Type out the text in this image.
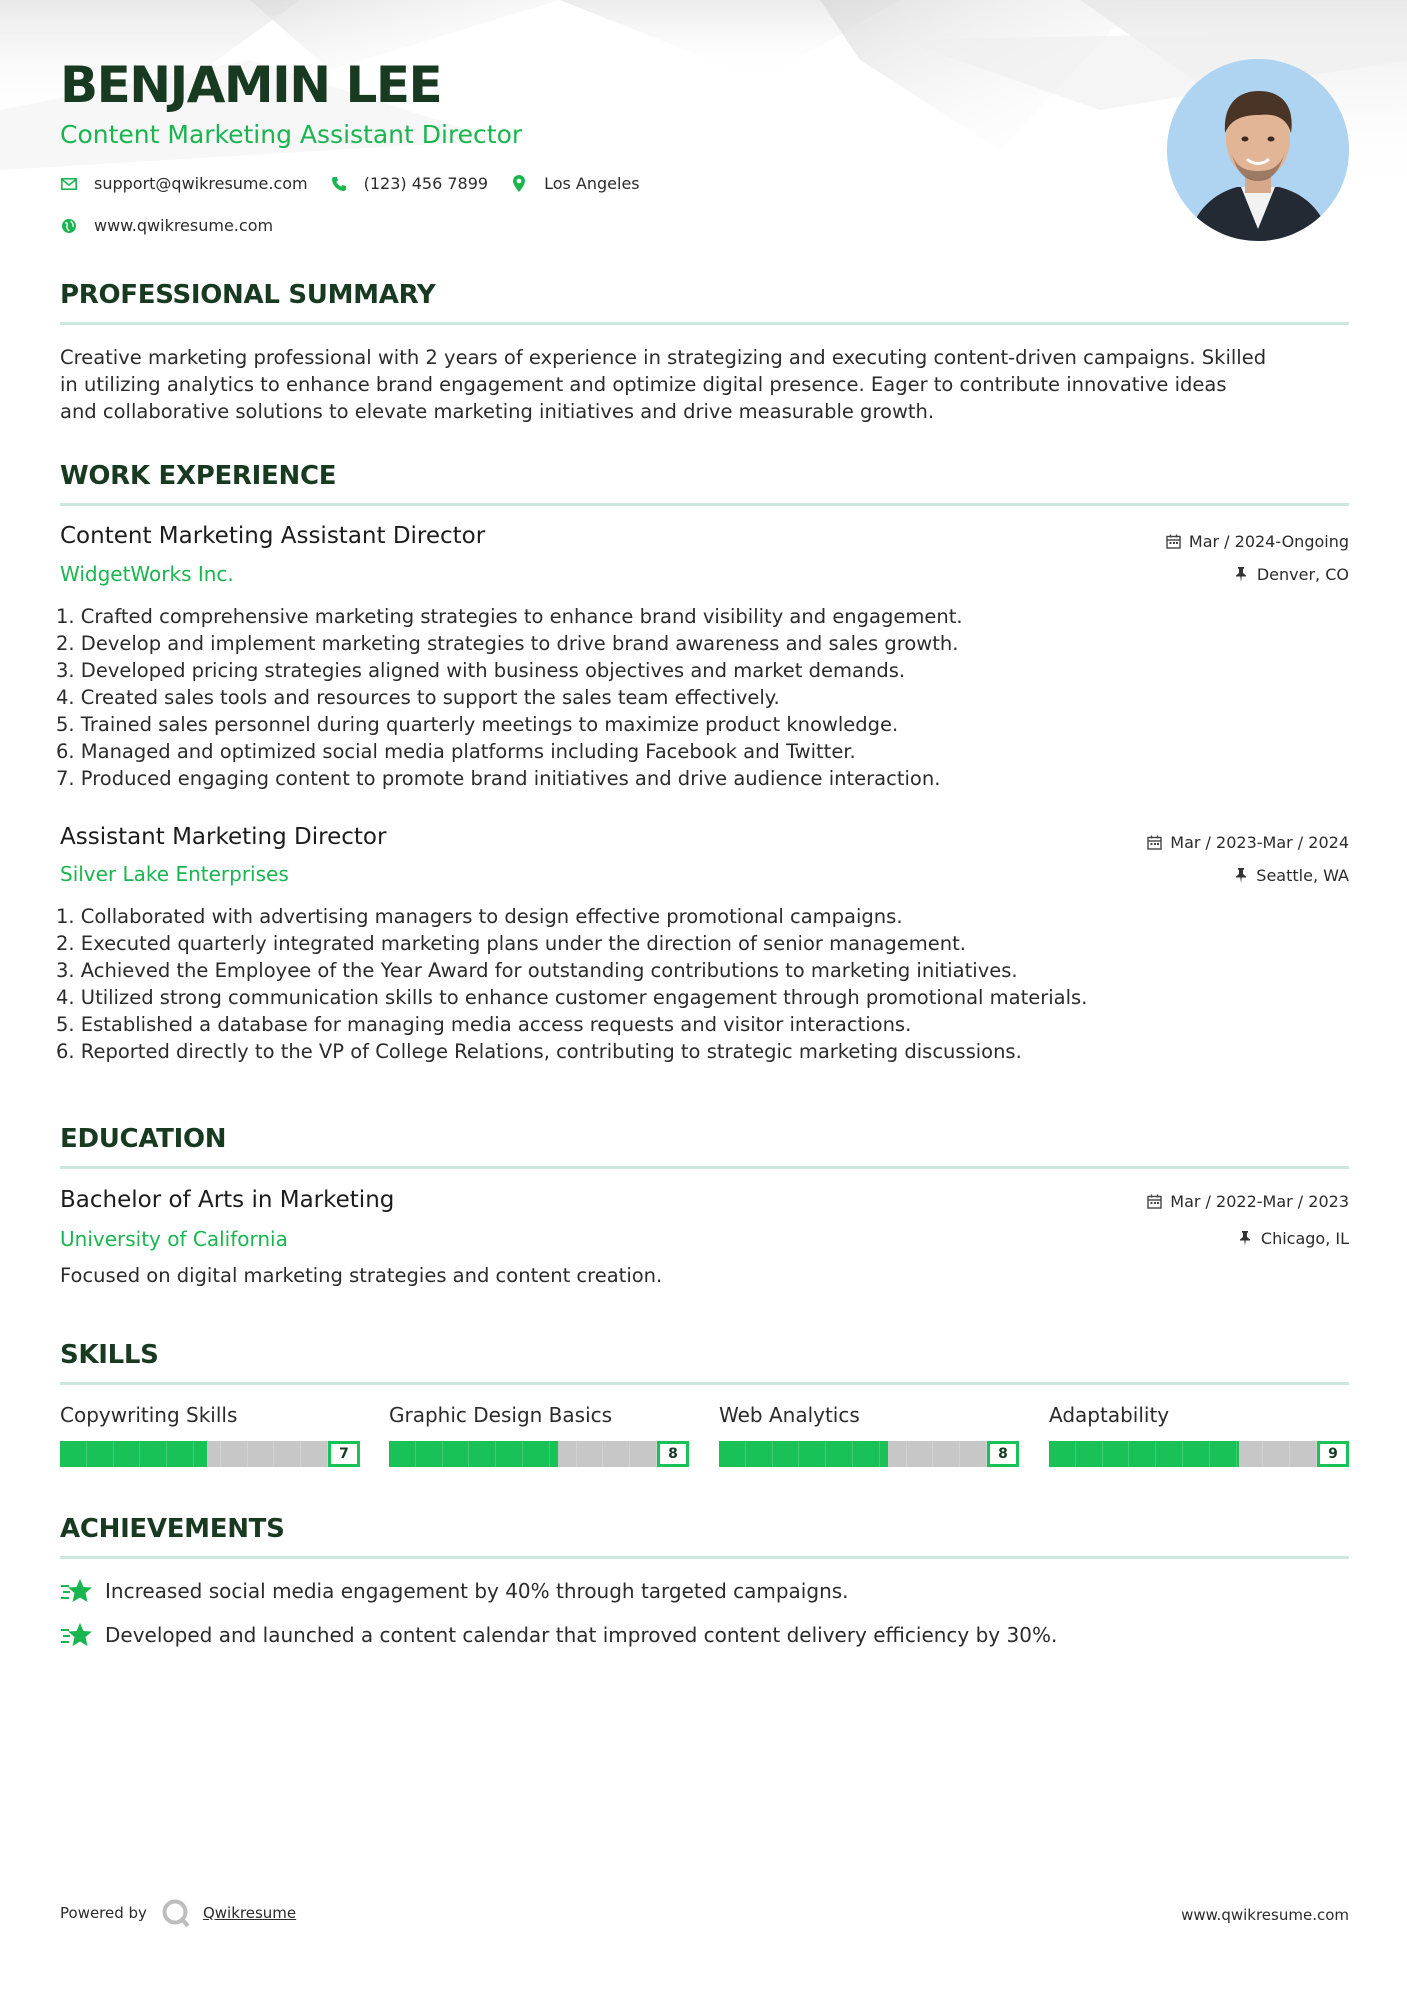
BENJAMIN LEE
Content Marketing Assistant Director
support@qwikresume.com	(123) 456 7899	Los Angeles
www.qwikresume.com
PROFESSIONAL SUMMARY
Creative marketing professional with 2 years of experience in strategizing and executing content-driven campaigns. Skilled
in utilizing analytics to enhance brand engagement and optimize digital presence. Eager to contribute innovative ideas
and collaborative solutions to elevate marketing initiatives and drive measurable growth.
WORK EXPERIENCE
Content Marketing Assistant Director
WidgetWorks Inc.
Mar / 2024-Ongoing
Denver, CO
1. Crafted comprehensive marketing strategies to enhance brand visibility and engagement.
2. Develop and implement marketing strategies to drive brand awareness and sales growth.
3. Developed pricing strategies aligned with business objectives and market demands.
4. Created sales tools and resources to support the sales team effectively.
5. Trained sales personnel during quarterly meetings to maximize product knowledge.
6. Managed and optimized social media platforms including Facebook and Twitter.
7. Produced engaging content to promote brand initiatives and drive audience interaction.
Assistant Marketing Director
Silver Lake Enterprises
Mar / 2023-Mar / 2024
Seattle, WA
1. Collaborated with advertising managers to design effective promotional campaigns.
2. Executed quarterly integrated marketing plans under the direction of senior management.
3. Achieved the Employee of the Year Award for outstanding contributions to marketing initiatives.
4. Utilized strong communication skills to enhance customer engagement through promotional materials.
5. Established a database for managing media access requests and visitor interactions.
6. Reported directly to the VP of College Relations, contributing to strategic marketing discussions.
EDUCATION
Bachelor of Arts in Marketing
University of California
Mar / 2022-Mar / 2023
Chicago, IL
Focused on digital marketing strategies and content creation.
SKILLS
Copywriting Skills
7
Graphic Design Basics
8
Web Analytics
8
Adaptability
9
ACHIEVEMENTS
Increased social media engagement by 40% through targeted campaigns.
Developed and launched a content calendar that improved content delivery efficiency by 30%.
Powered by	Qwikresume	www.qwikresume.com
